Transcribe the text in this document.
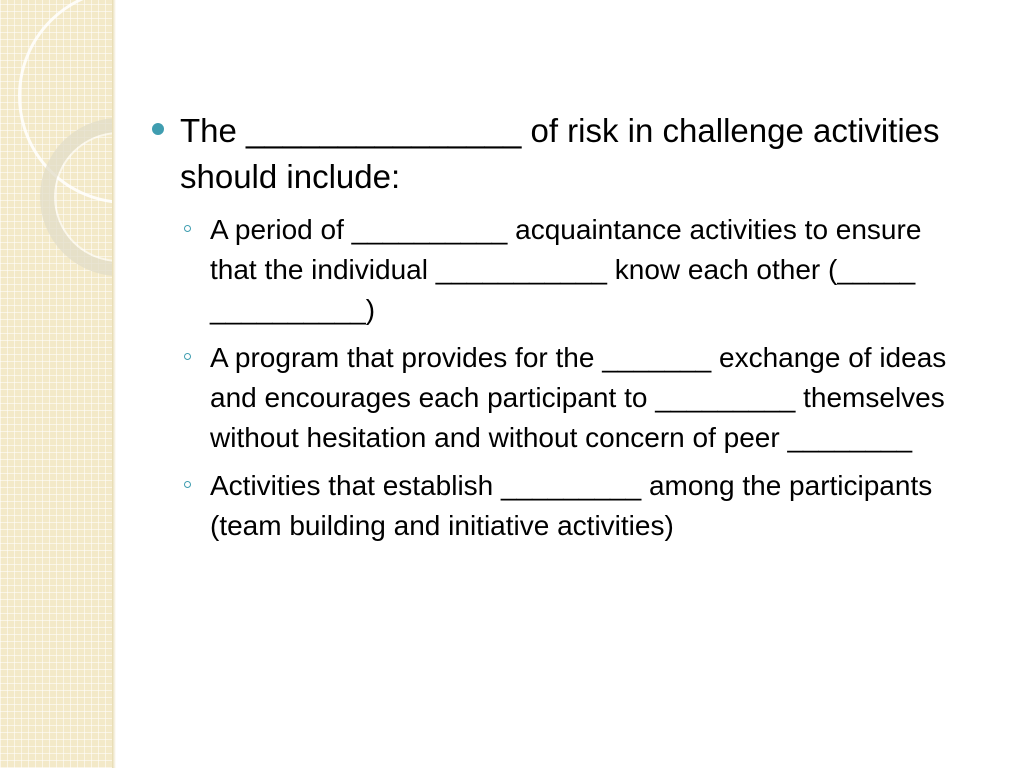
The _______________ of risk in challenge activities should include:
A period of __________ acquaintance activities to ensure that the individual ___________ know each other (_____ __________)
A program that provides for the _______ exchange of ideas and encourages each participant to _________ themselves without hesitation and without concern of peer ________
Activities that establish _________ among the participants (team building and initiative activities)
